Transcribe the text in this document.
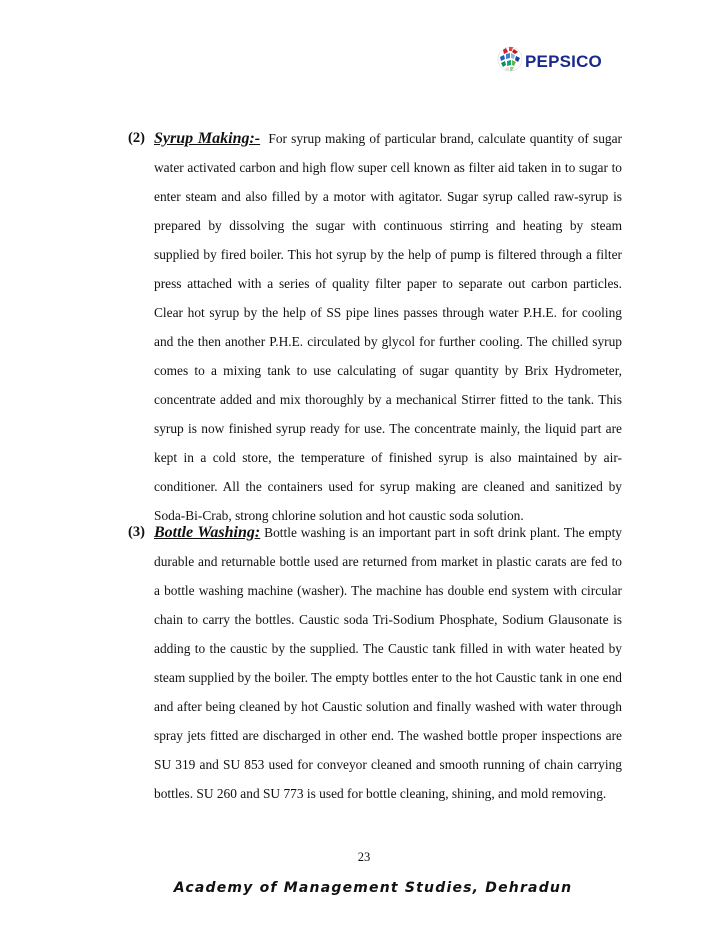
PEPSICO
(2) Syrup Making:- For syrup making of particular brand, calculate quantity of sugar water activated carbon and high flow super cell known as filter aid taken in to sugar to enter steam and also filled by a motor with agitator. Sugar syrup called raw-syrup is prepared by dissolving the sugar with continuous stirring and heating by steam supplied by fired boiler. This hot syrup by the help of pump is filtered through a filter press attached with a series of quality filter paper to separate out carbon particles. Clear hot syrup by the help of SS pipe lines passes through water P.H.E. for cooling and the then another P.H.E. circulated by glycol for further cooling. The chilled syrup comes to a mixing tank to use calculating of sugar quantity by Brix Hydrometer, concentrate added and mix thoroughly by a mechanical Stirrer fitted to the tank. This syrup is now finished syrup ready for use. The concentrate mainly, the liquid part are kept in a cold store, the temperature of finished syrup is also maintained by air-conditioner. All the containers used for syrup making are cleaned and sanitized by Soda-Bi-Crab, strong chlorine solution and hot caustic soda solution.
(3) Bottle Washing: Bottle washing is an important part in soft drink plant. The empty durable and returnable bottle used are returned from market in plastic carats are fed to a bottle washing machine (washer). The machine has double end system with circular chain to carry the bottles. Caustic soda Tri-Sodium Phosphate, Sodium Glausonate is adding to the caustic by the supplied. The Caustic tank filled in with water heated by steam supplied by the boiler. The empty bottles enter to the hot Caustic tank in one end and after being cleaned by hot Caustic solution and finally washed with water through spray jets fitted are discharged in other end. The washed bottle proper inspections are SU 319 and SU 853 used for conveyor cleaned and smooth running of chain carrying bottles. SU 260 and SU 773 is used for bottle cleaning, shining, and mold removing.
23
Academy of Management Studies, Dehradun
